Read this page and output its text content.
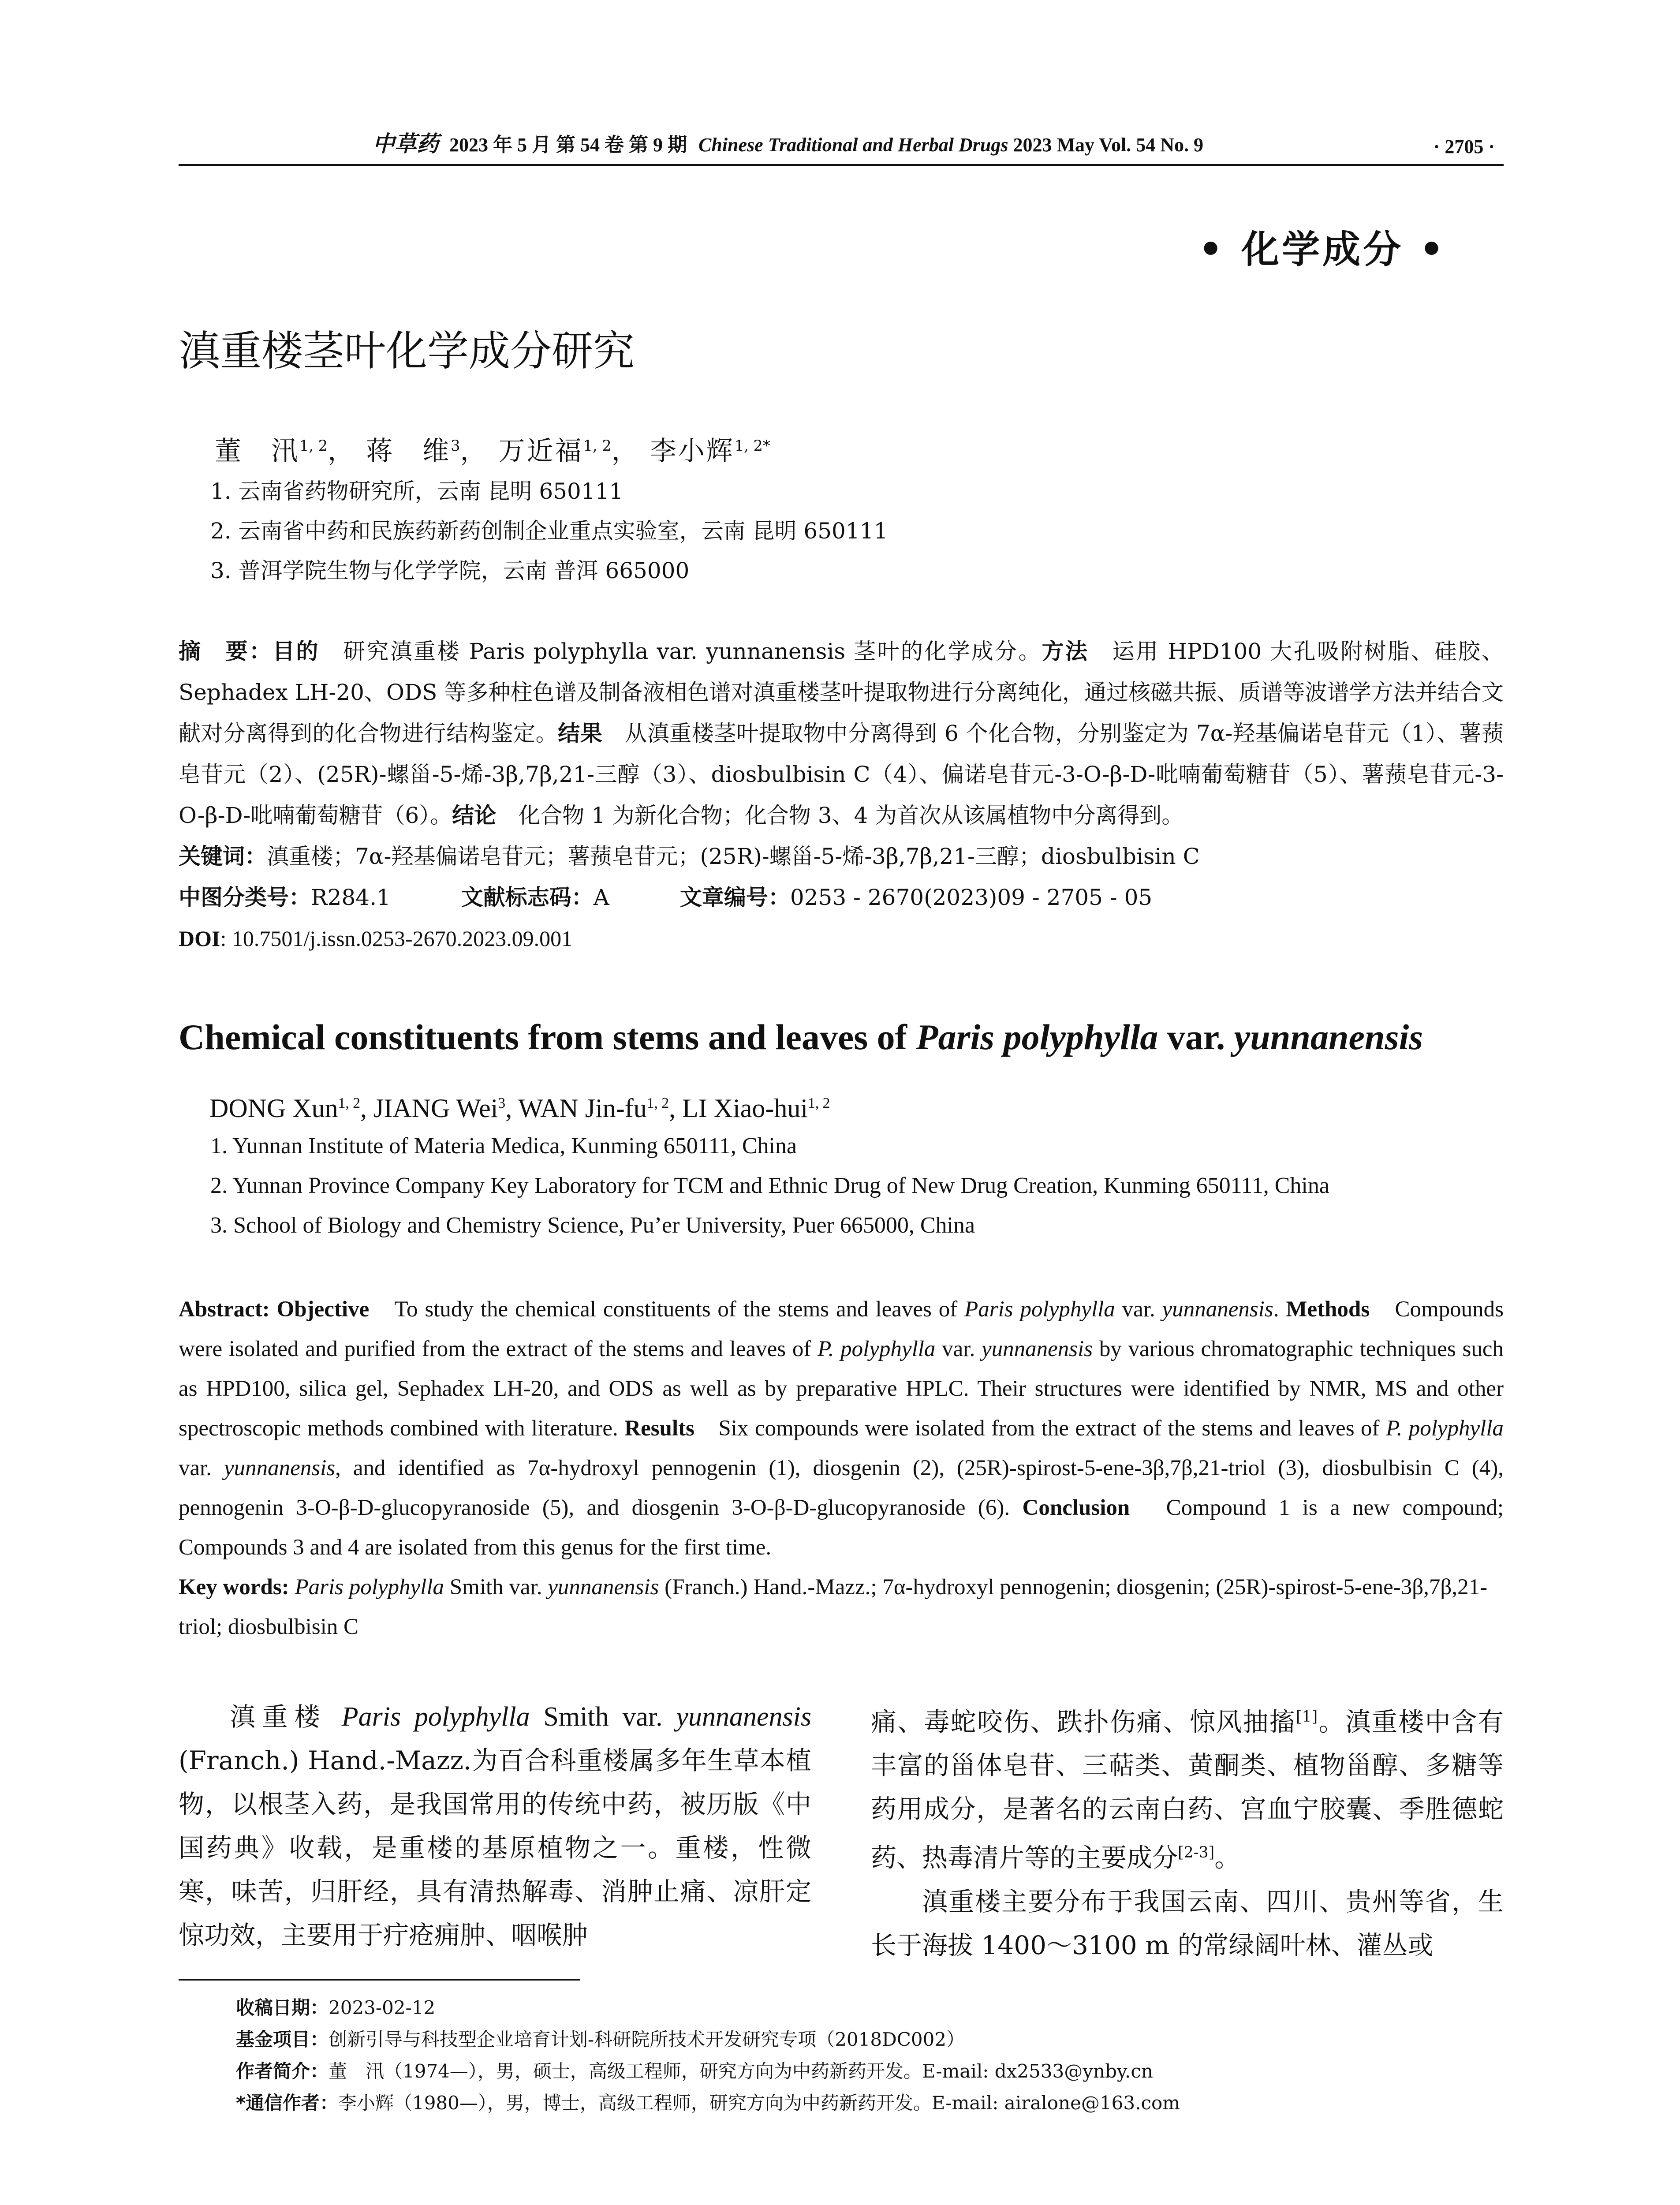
中草药 2023 年 5 月 第 54 卷 第 9 期 Chinese Traditional and Herbal Drugs 2023 May Vol. 54 No. 9	· 2705 ·
• 化学成分 •
滇重楼茎叶化学成分研究
董　汛$^{1, 2}$， 蒋　维$^3$， 万近福$^{1, 2}$， 李小辉$^{1, 2*}$
1. 云南省药物研究所，云南 昆明 650111
2. 云南省中药和民族药新药创制企业重点实验室，云南 昆明 650111
3. 普洱学院生物与化学学院，云南 普洱 665000
摘　要：目的　研究滇重楼 Paris polyphylla var. yunnanensis 茎叶的化学成分。方法　运用 HPD100 大孔吸附树脂、硅胶、Sephadex LH-20、ODS 等多种柱色谱及制备液相色谱对滇重楼茎叶提取物进行分离纯化，通过核磁共振、质谱等波谱学方法并结合文献对分离得到的化合物进行结构鉴定。结果　从滇重楼茎叶提取物中分离得到 6 个化合物，分别鉴定为 7α-羟基偏诺皂苷元（1）、薯蓣皂苷元（2）、(25R)-螺甾-5-烯-3β,7β,21-三醇（3）、diosbulbisin C（4）、偏诺皂苷元-3-O-β-D-吡喃葡萄糖苷（5）、薯蓣皂苷元-3-O-β-D-吡喃葡萄糖苷（6）。结论　化合物 1 为新化合物；化合物 3、4 为首次从该属植物中分离得到。
关键词：滇重楼；7α-羟基偏诺皂苷元；薯蓣皂苷元；(25R)-螺甾-5-烯-3β,7β,21-三醇；diosbulbisin C
中图分类号：R284.1	文献标志码：A	文章编号：0253 - 2670(2023)09 - 2705 - 05
DOI: 10.7501/j.issn.0253-2670.2023.09.001
Chemical constituents from stems and leaves of Paris polyphylla var. yunnanensis
DONG Xun$^{1, 2}$, JIANG Wei$^3$, WAN Jin-fu$^{1, 2}$, LI Xiao-hui$^{1, 2}$
1. Yunnan Institute of Materia Medica, Kunming 650111, China
2. Yunnan Province Company Key Laboratory for TCM and Ethnic Drug of New Drug Creation, Kunming 650111, China
3. School of Biology and Chemistry Science, Pu’er University, Puer 665000, China
Abstract: Objective　To study the chemical constituents of the stems and leaves of Paris polyphylla var. yunnanensis. Methods　Compounds were isolated and purified from the extract of the stems and leaves of P. polyphylla var. yunnanensis by various chromatographic techniques such as HPD100, silica gel, Sephadex LH-20, and ODS as well as by preparative HPLC. Their structures were identified by NMR, MS and other spectroscopic methods combined with literature. Results　Six compounds were isolated from the extract of the stems and leaves of P. polyphylla var. yunnanensis, and identified as 7α-hydroxyl pennogenin (1), diosgenin (2), (25R)-spirost-5-ene-3β,7β,21-triol (3), diosbulbisin C (4), pennogenin 3-O-β-D-glucopyranoside (5), and diosgenin 3-O-β-D-glucopyranoside (6). Conclusion　Compound 1 is a new compound; Compounds 3 and 4 are isolated from this genus for the first time.
Key words: Paris polyphylla Smith var. yunnanensis (Franch.) Hand.-Mazz.; 7α-hydroxyl pennogenin; diosgenin; (25R)-spirost-5-ene-3β,7β,21-triol; diosbulbisin C

滇重楼 Paris polyphylla Smith var. yunnanensis (Franch.) Hand.-Mazz.为百合科重楼属多年生草本植物，以根茎入药，是我国常用的传统中药，被历版《中国药典》收载，是重楼的基原植物之一。重楼，性微寒，味苦，归肝经，具有清热解毒、消肿止痛、凉肝定惊功效，主要用于疔疮痈肿、咽喉肿

痛、毒蛇咬伤、跌扑伤痛、惊风抽搐[1]。滇重楼中含有丰富的甾体皂苷、三萜类、黄酮类、植物甾醇、多糖等药用成分，是著名的云南白药、宫血宁胶囊、季胜德蛇药、热毒清片等的主要成分[2-3]。

滇重楼主要分布于我国云南、四川、贵州等省，生长于海拔 1400～3100 m 的常绿阔叶林、灌丛或

收稿日期：2023-02-12
基金项目：创新引导与科技型企业培育计划-科研院所技术开发研究专项（2018DC002）
作者简介：董　汛（1974—），男，硕士，高级工程师，研究方向为中药新药开发。E-mail: dx2533@ynby.cn
*通信作者：李小辉（1980—），男，博士，高级工程师，研究方向为中药新药开发。E-mail: airalone@163.com
